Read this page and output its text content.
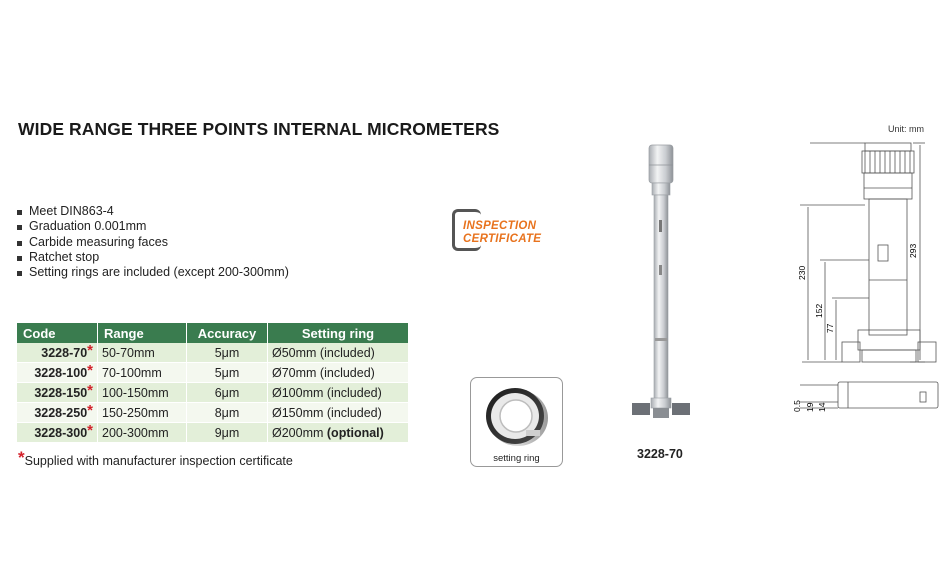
WIDE RANGE THREE POINTS INTERNAL MICROMETERS
Meet DIN863-4
Graduation 0.001mm
Carbide measuring faces
Ratchet stop
Setting rings are included (except 200-300mm)
Code	Range	Accuracy	Setting ring
3228-70*	50-70mm	5μm	Ø50mm (included)
3228-100*	70-100mm	5μm	Ø70mm (included)
3228-150*	100-150mm	6μm	Ø100mm (included)
3228-250*	150-250mm	8μm	Ø150mm (included)
3228-300*	200-300mm	9μm	Ø200mm (optional)
*Supplied with manufacturer inspection certificate
INSPECTION
CERTIFICATE
setting ring	3228-70
Unit: mm
293
230
152
77
0.5 19 14
